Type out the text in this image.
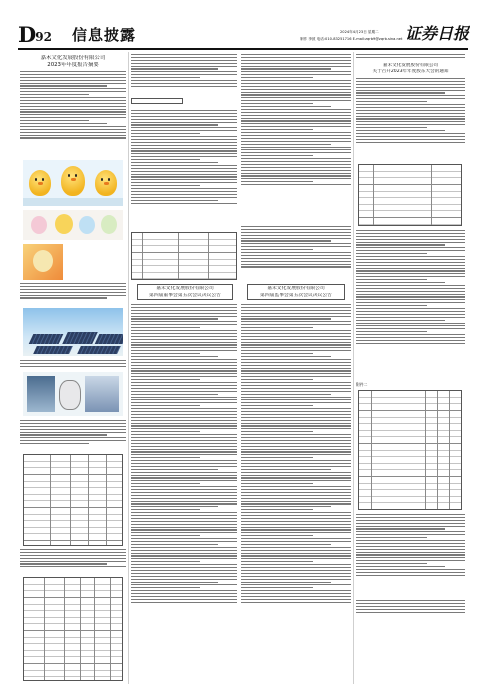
D92 信息披露	2024年4月23日 星期二
制作 李波 电话:010-83251716 E-mail:zqrb9@zqrb.sina.net 证券日报
嘉禾文化发展股份有限公司
2023年年度报告摘要
嘉禾文化发展股份有限公司
第四届董事会第五次会议决议公告
嘉禾文化发展股份有限公司
第四届监事会第五次会议决议公告
嘉禾文化发展股份有限公司
关于召开2023年年度股东大会的通知
附件二
